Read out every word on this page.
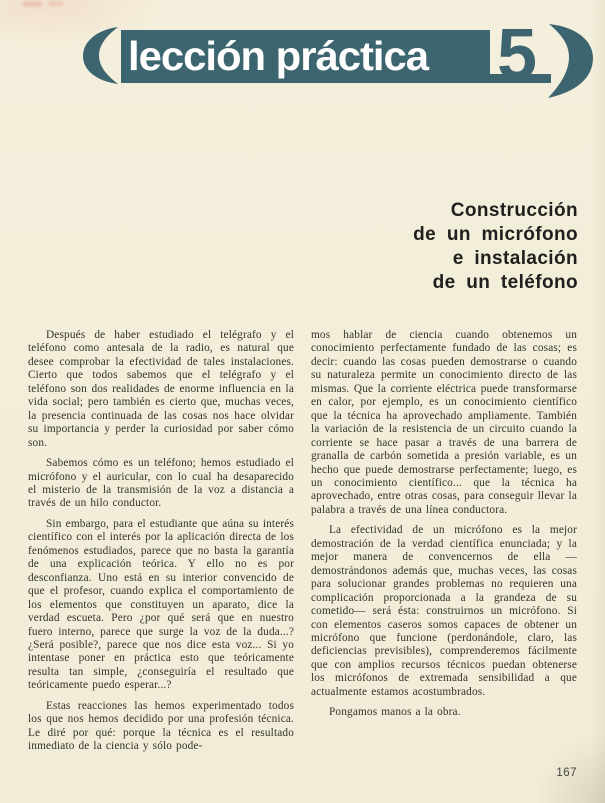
lección práctica 5
Construcción
de un micrófono
e instalación
de un teléfono

Después de haber estudiado el telégrafo y el teléfono como antesala de la radio, es natural que desee comprobar la efectividad de tales instalaciones. Cierto que todos sabemos que el telégrafo y el teléfono son dos realidades de enorme influencia en la vida social; pero también es cierto que, muchas veces, la presencia continuada de las cosas nos hace olvidar su importancia y perder la curiosidad por saber cómo son.

Sabemos cómo es un teléfono; hemos estudiado el micrófono y el auricular, con lo cual ha desaparecido el misterio de la transmisión de la voz a distancia a través de un hilo conductor.

Sin embargo, para el estudiante que aúna su interés científico con el interés por la aplicación directa de los fenómenos estudiados, parece que no basta la garantía de una explicación teórica. Y ello no es por desconfianza. Uno está en su interior convencido de que el profesor, cuando explica el comportamiento de los elementos que constituyen un aparato, dice la verdad escueta. Pero ¿por qué será que en nuestro fuero interno, parece que surge la voz de la duda...? ¿Será posible?, parece que nos dice esta voz... Si yo intentase poner en práctica esto que teóricamente resulta tan simple, ¿conseguiría el resultado que teóricamente puedo esperar...?

Estas reacciones las hemos experimentado todos los que nos hemos decidido por una profesión técnica. Le diré por qué: porque la técnica es el resultado inmediato de la ciencia y sólo pode-

mos hablar de ciencia cuando obtenemos un conocimiento perfectamente fundado de las cosas; es decir: cuando las cosas pueden demostrarse o cuando su naturaleza permite un conocimiento directo de las mismas. Que la corriente eléctrica puede transformarse en calor, por ejemplo, es un conocimiento científico que la técnica ha aprovechado ampliamente. También la variación de la resistencia de un circuito cuando la corriente se hace pasar a través de una barrera de granalla de carbón sometida a presión variable, es un hecho que puede demostrarse perfectamente; luego, es un conocimiento científico... que la técnica ha aprovechado, entre otras cosas, para conseguir llevar la palabra a través de una línea conductora.

La efectividad de un micrófono es la mejor demostración de la verdad científica enunciada; y la mejor manera de convencernos de ella —demostrándonos además que, muchas veces, las cosas para solucionar grandes problemas no requieren una complicación proporcionada a la grandeza de su cometido— será ésta: construirnos un micrófono. Si con elementos caseros somos capaces de obtener un micrófono que funcione (perdonándole, claro, las deficiencias previsibles), comprenderemos fácilmente que con amplios recursos técnicos puedan obtenerse los micrófonos de extremada sensibilidad a que actualmente estamos acostumbrados.

Pongamos manos a la obra.

167
